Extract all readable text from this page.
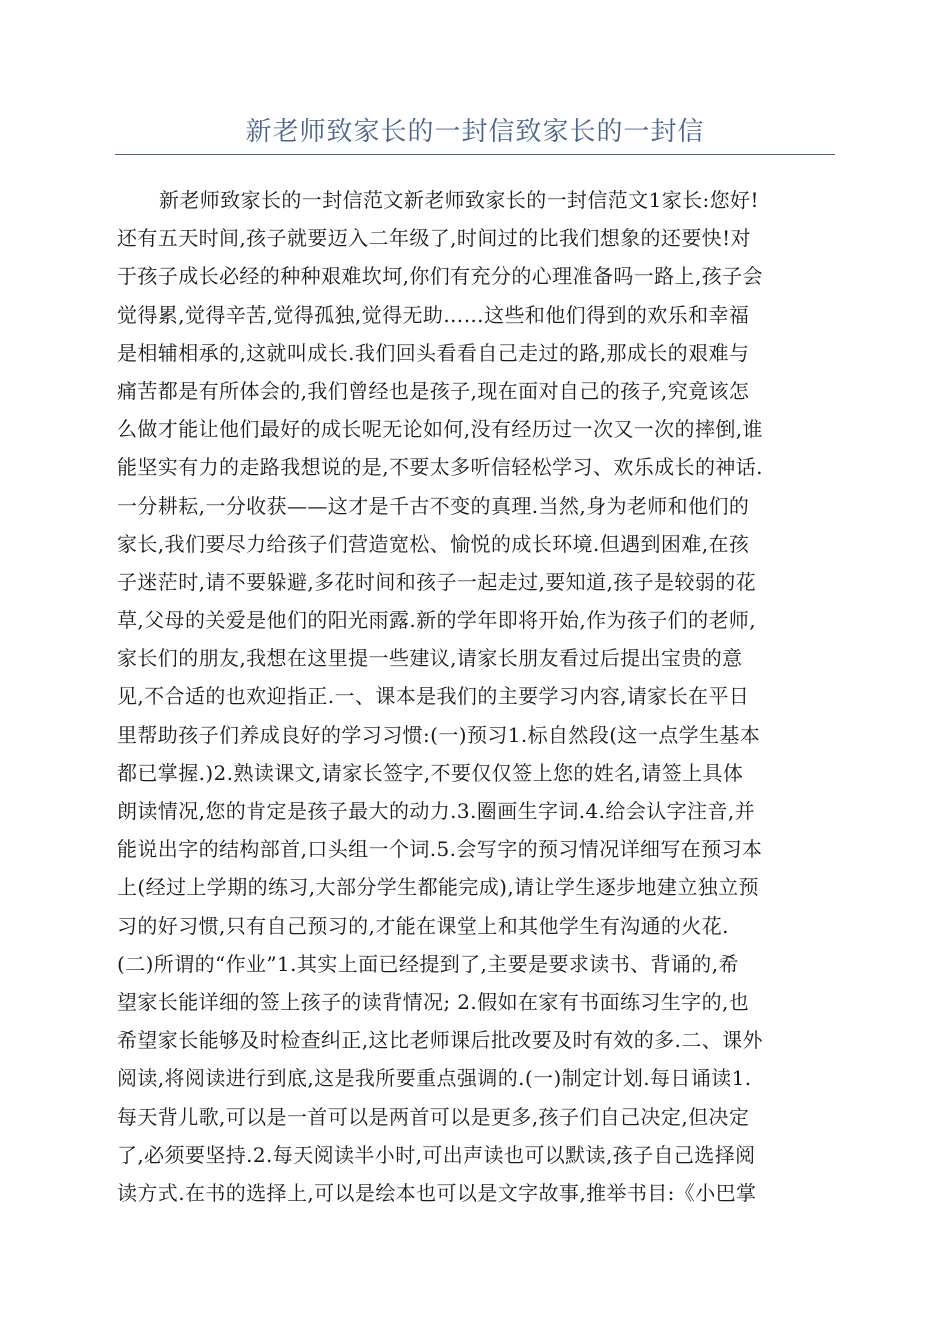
新老师致家长的一封信致家长的一封信
新老师致家长的一封信范文新老师致家长的一封信范文1家长:您好!
还有五天时间,孩子就要迈入二年级了,时间过的比我们想象的还要快!对
于孩子成长必经的种种艰难坎坷,你们有充分的心理准备吗一路上,孩子会
觉得累,觉得辛苦,觉得孤独,觉得无助……这些和他们得到的欢乐和幸福
是相辅相承的,这就叫成长.我们回头看看自己走过的路,那成长的艰难与
痛苦都是有所体会的,我们曾经也是孩子,现在面对自己的孩子,究竟该怎
么做才能让他们最好的成长呢无论如何,没有经历过一次又一次的摔倒,谁
能坚实有力的走路我想说的是,不要太多听信轻松学习、欢乐成长的神话.
一分耕耘,一分收获——这才是千古不变的真理.当然,身为老师和他们的
家长,我们要尽力给孩子们营造宽松、愉悦的成长环境.但遇到困难,在孩
子迷茫时,请不要躲避,多花时间和孩子一起走过,要知道,孩子是较弱的花
草,父母的关爱是他们的阳光雨露.新的学年即将开始,作为孩子们的老师,
家长们的朋友,我想在这里提一些建议,请家长朋友看过后提出宝贵的意
见,不合适的也欢迎指正.一、课本是我们的主要学习内容,请家长在平日
里帮助孩子们养成良好的学习习惯:(一)预习1.标自然段(这一点学生基本
都已掌握.)2.熟读课文,请家长签字,不要仅仅签上您的姓名,请签上具体
朗读情况,您的肯定是孩子最大的动力.3.圈画生字词.4.给会认字注音,并
能说出字的结构部首,口头组一个词.5.会写字的预习情况详细写在预习本
上(经过上学期的练习,大部分学生都能完成),请让学生逐步地建立独立预
习的好习惯,只有自己预习的,才能在课堂上和其他学生有沟通的火花.
(二)所谓的“作业”1.其实上面已经提到了,主要是要求读书、背诵的,希
望家长能详细的签上孩子的读背情况; 2.假如在家有书面练习生字的,也
希望家长能够及时检查纠正,这比老师课后批改要及时有效的多.二、课外
阅读,将阅读进行到底,这是我所要重点强调的.(一)制定计划.每日诵读1.
每天背儿歌,可以是一首可以是两首可以是更多,孩子们自己决定,但决定
了,必须要坚持.2.每天阅读半小时,可出声读也可以默读,孩子自己选择阅
读方式.在书的选择上,可以是绘本也可以是文字故事,推举书目:《小巴掌
